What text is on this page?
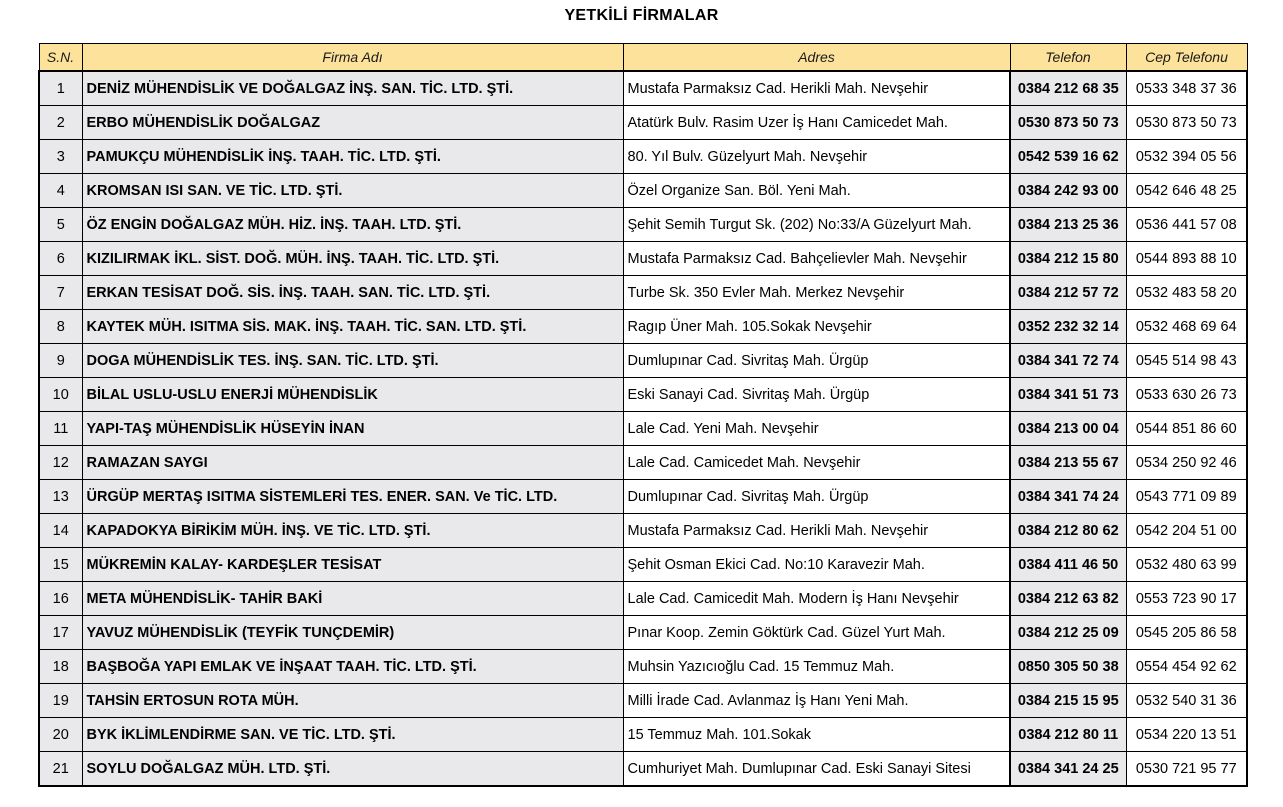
YETKİLİ FİRMALAR
S.N.	Firma Adı	Adres	Telefon	Cep Telefonu
1	DENİZ MÜHENDİSLİK VE DOĞALGAZ İNŞ. SAN. TİC. LTD. ŞTİ.	Mustafa Parmaksız Cad. Herikli Mah. Nevşehir	0384 212 68 35	0533 348 37 36
2	ERBO MÜHENDİSLİK DOĞALGAZ	Atatürk Bulv. Rasim Uzer İş Hanı Camicedet Mah.	0530 873 50 73	0530 873 50 73
3	PAMUKÇU MÜHENDİSLİK İNŞ. TAAH. TİC. LTD. ŞTİ.	80. Yıl Bulv. Güzelyurt Mah. Nevşehir	0542 539 16 62	0532 394 05 56
4	KROMSAN ISI SAN. VE TİC. LTD. ŞTİ.	Özel Organize San. Böl. Yeni Mah.	0384 242 93 00	0542 646 48 25
5	ÖZ ENGİN DOĞALGAZ MÜH. HİZ. İNŞ. TAAH. LTD. ŞTİ.	Şehit Semih Turgut Sk. (202) No:33/A Güzelyurt Mah.	0384 213 25 36	0536 441 57 08
6	KIZILIRMAK İKL. SİST. DOĞ. MÜH. İNŞ. TAAH. TİC. LTD. ŞTİ.	Mustafa Parmaksız Cad. Bahçelievler Mah. Nevşehir	0384 212 15 80	0544 893 88 10
7	ERKAN TESİSAT DOĞ. SİS. İNŞ. TAAH. SAN. TİC. LTD. ŞTİ.	Turbe Sk. 350 Evler Mah. Merkez Nevşehir	0384 212 57 72	0532 483 58 20
8	KAYTEK MÜH. ISITMA SİS. MAK. İNŞ. TAAH. TİC. SAN. LTD. ŞTİ.	Ragıp Üner Mah. 105.Sokak Nevşehir	0352 232 32 14	0532 468 69 64
9	DOGA MÜHENDİSLİK TES. İNŞ. SAN. TİC. LTD. ŞTİ.	Dumlupınar Cad. Sivritaş Mah. Ürgüp	0384 341 72 74	0545 514 98 43
10	BİLAL USLU-USLU ENERJİ MÜHENDİSLİK	Eski Sanayi Cad. Sivritaş Mah. Ürgüp	0384 341 51 73	0533 630 26 73
11	YAPI-TAŞ MÜHENDİSLİK HÜSEYİN İNAN	Lale Cad. Yeni Mah. Nevşehir	0384 213 00 04	0544 851 86 60
12	RAMAZAN SAYGI	Lale Cad. Camicedet Mah. Nevşehir	0384 213 55 67	0534 250 92 46
13	ÜRGÜP MERTAŞ ISITMA SİSTEMLERİ TES. ENER. SAN. Ve TİC. LTD.	Dumlupınar Cad. Sivritaş Mah. Ürgüp	0384 341 74 24	0543 771 09 89
14	KAPADOKYA BİRİKİM MÜH. İNŞ. VE TİC. LTD. ŞTİ.	Mustafa Parmaksız Cad. Herikli Mah. Nevşehir	0384 212 80 62	0542 204 51 00
15	MÜKREMİN KALAY- KARDEŞLER TESİSAT	Şehit Osman Ekici Cad. No:10 Karavezir Mah.	0384 411 46 50	0532 480 63 99
16	META MÜHENDİSLİK- TAHİR BAKİ	Lale Cad. Camicedit Mah. Modern İş Hanı Nevşehir	0384 212 63 82	0553 723 90 17
17	YAVUZ MÜHENDİSLİK (TEYFİK TUNÇDEMİR)	Pınar Koop. Zemin Göktürk Cad. Güzel Yurt Mah.	0384 212 25 09	0545 205 86 58
18	BAŞBOĞA YAPI EMLAK VE İNŞAAT TAAH. TİC. LTD. ŞTİ.	Muhsin Yazıcıoğlu Cad. 15 Temmuz Mah.	0850 305 50 38	0554 454 92 62
19	TAHSİN ERTOSUN ROTA MÜH.	Milli İrade Cad. Avlanmaz İş Hanı Yeni Mah.	0384 215 15 95	0532 540 31 36
20	BYK İKLİMLENDİRME SAN. VE TİC. LTD. ŞTİ.	15 Temmuz Mah. 101.Sokak	0384 212 80 11	0534 220 13 51
21	SOYLU DOĞALGAZ MÜH. LTD. ŞTİ.	Cumhuriyet Mah. Dumlupınar Cad. Eski Sanayi Sitesi	0384 341 24 25	0530 721 95 77
